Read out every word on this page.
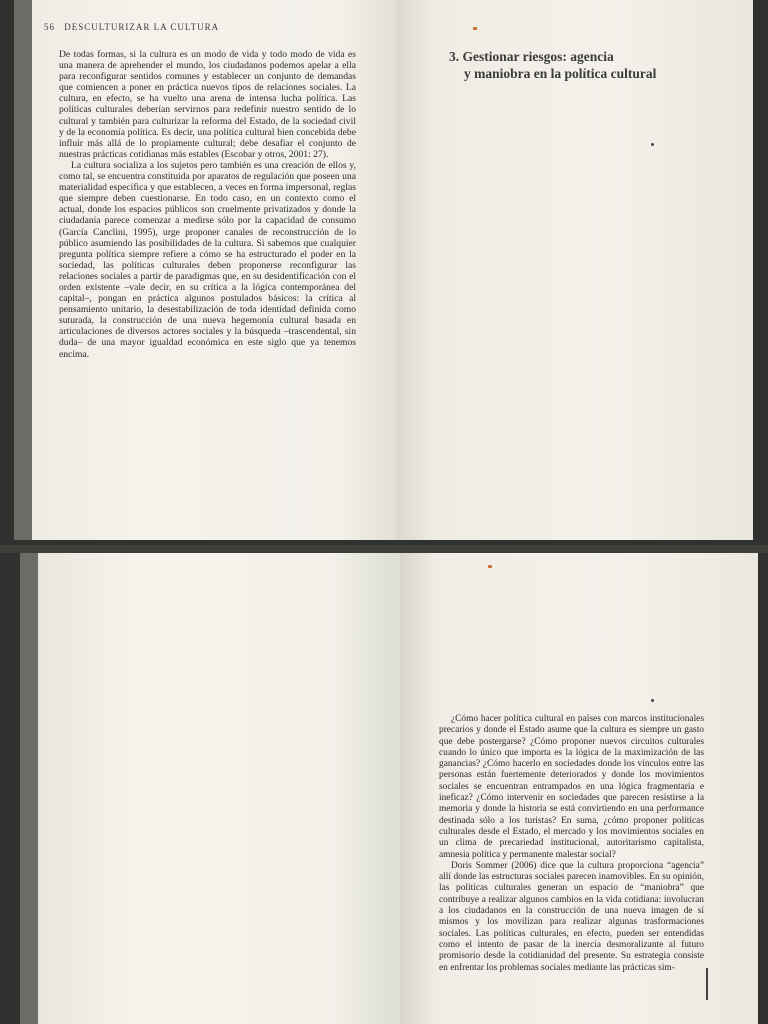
56 DESCULTURIZAR LA CULTURA

De todas formas, si la cultura es un modo de vida y todo modo de vida es una manera de aprehender el mundo, los ciudadanos podemos apelar a ella para reconfigurar sentidos comunes y establecer un conjunto de demandas que comiencen a poner en práctica nuevos tipos de relaciones sociales. La cultura, en efecto, se ha vuelto una arena de intensa lucha política. Las políticas culturales deberían servirnos para redefinir nuestro sentido de lo cultural y también para culturizar la reforma del Estado, de la sociedad civil y de la economía política. Es decir, una política cultural bien concebida debe influir más allá de lo propiamente cultural; debe desafiar el conjunto de nuestras prácticas cotidianas más estables (Escobar y otros, 2001: 27).

La cultura socializa a los sujetos pero también es una creación de ellos y, como tal, se encuentra constituida por aparatos de regulación que poseen una materialidad específica y que establecen, a veces en forma impersonal, reglas que siempre deben cuestionarse. En todo caso, en un contexto como el actual, donde los espacios públicos son cruelmente privatizados y donde la ciudadanía parece comenzar a medirse sólo por la capacidad de consumo (García Canclini, 1995), urge proponer canales de reconstrucción de lo público asumiendo las posibilidades de la cultura. Si sabemos que cualquier pregunta política siempre refiere a cómo se ha estructurado el poder en la sociedad, las políticas culturales deben proponerse reconfigurar las relaciones sociales a partir de paradigmas que, en su desidentificación con el orden existente –vale decir, en su crítica a la lógica contemporánea del capital–, pongan en práctica algunos postulados básicos: la crítica al pensamiento unitario, la desestabilización de toda identidad definida como suturada, la construcción de una nueva hegemonía cultural basada en articulaciones de diversos actores sociales y la búsqueda –trascendental, sin duda– de una mayor igualdad económica en este siglo que ya tenemos encima.

3. Gestionar riesgos: agencia
y maniobra en la política cultural

¿Cómo hacer política cultural en países con marcos institucionales precarios y donde el Estado asume que la cultura es siempre un gasto que debe postergarse? ¿Cómo proponer nuevos circuitos culturales cuando lo único que importa es la lógica de la maximización de las ganancias? ¿Cómo hacerlo en sociedades donde los vínculos entre las personas están fuertemente deteriorados y donde los movimientos sociales se encuentran entrampados en una lógica fragmentaria e ineficaz? ¿Cómo intervenir en sociedades que parecen resistirse a la memoria y donde la historia se está convirtiendo en una performance destinada sólo a los turistas? En suma, ¿cómo proponer políticas culturales desde el Estado, el mercado y los movimientos sociales en un clima de precariedad institucional, autoritarismo capitalista, amnesia política y permanente malestar social?

Doris Sommer (2006) dice que la cultura proporciona “agencia” allí donde las estructuras sociales parecen inamovibles. En su opinión, las políticas culturales generan un espacio de “maniobra” que contribuye a realizar algunos cambios en la vida cotidiana: involucran a los ciudadanos en la construcción de una nueva imagen de sí mismos y los movilizan para realizar algunas trasformaciones sociales. Las políticas culturales, en efecto, pueden ser entendidas como el intento de pasar de la inercia desmoralizante al futuro promisorio desde la cotidianidad del presente. Su estrategia consiste en enfrentar los problemas sociales mediante las prácticas sim-
